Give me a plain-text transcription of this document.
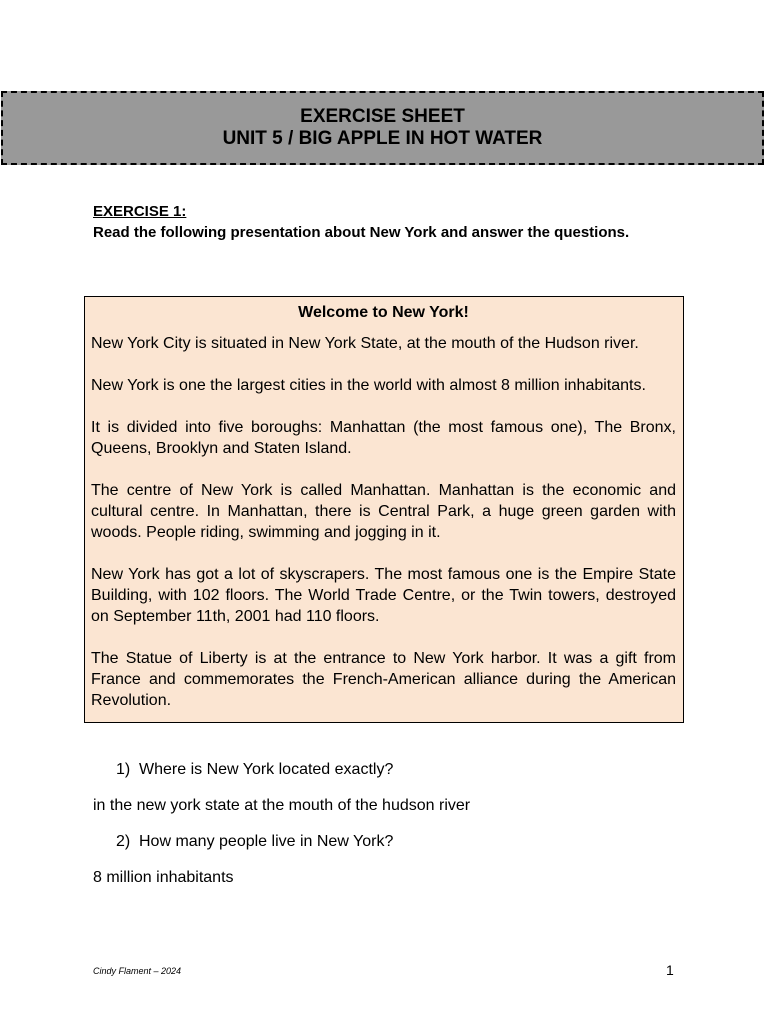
EXERCISE SHEET
UNIT 5 / BIG APPLE IN HOT WATER
EXERCISE 1:
Read the following presentation about New York and answer the questions.
Welcome to New York!

New York City is situated in New York State, at the mouth of the Hudson river.

New York is one the largest cities in the world with almost 8 million inhabitants.

It is divided into five boroughs: Manhattan (the most famous one), The Bronx, Queens, Brooklyn and Staten Island.

The centre of New York is called Manhattan. Manhattan is the economic and cultural centre. In Manhattan, there is Central Park, a huge green garden with woods. People riding, swimming and jogging in it.

New York has got a lot of skyscrapers. The most famous one is the Empire State Building, with 102 floors. The World Trade Centre, or the Twin towers, destroyed on September 11th, 2001 had 110 floors.

The Statue of Liberty is at the entrance to New York harbor. It was a gift from France and commemorates the French-American alliance during the American Revolution.

1) Where is New York located exactly?
in the new york state at the mouth of the hudson river
2) How many people live in New York?
8 million inhabitants
Cindy Flament – 2024	1
